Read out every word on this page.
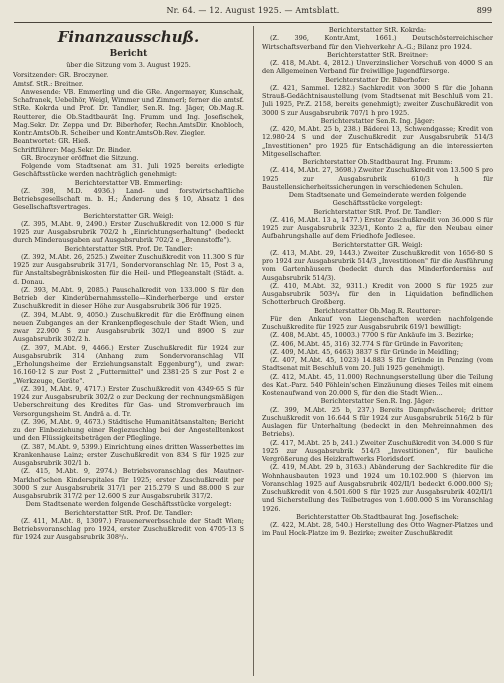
Nr. 64. — 12. August 1925. — Amtsblatt.	899
Finanzausschuß.
Bericht

über die Sitzung vom 3. August 1925.

Vorsitzender: GR. Broczyner.

Amtsf. StR.: Breitner.

Anwesende: VB. Emmerling und die GRe. Angermayer, Kunschak, Schafranek, Uebelhör, Weigl, Wimmer und Zimmerl; ferner die amtsf. StRe. Kokrda und Prof. Dr. Tandler, Sen.R. Ing. Jäger, Ob.Mag.R. Reutterer, die Ob.Stadtbaurät Ing. Frumm und Ing. Josefischek, Mag.Sekr. Dr. Zeppa und Dr. Biberhofer, Rechn.AmtsDir. Knobloch, Kontr.AmtsOb.R. Scheiber und Kontr.AmtsOb.Rev. Ziegler.

Beantwortet: GR. Hieß.

Schriftführer: Mag.Sekr. Dr. Binder.

GR. Broczyner eröffnet die Sitzung.

Folgende vom Stadtsenat am 31. Juli 1925 bereits erledigte Geschäftsstücke werden nachträglich genehmigt:

Berichterstatter VB. Emmerling:

(Z. 398, M.D. 4936.) Land- und forstwirtschaftliche Betriebsgesellschaft m. b. H.; Änderung des § 10, Absatz 1 des Gesellschaftsvertrages.

Berichterstatter GR. Weigl:

(Z. 395, M.Abt. 9, 2490.) Erster Zuschußkredit von 12.000 S für 1925 zur Ausgabsrubrik 702/2 h „Einrichtungserhaltung" (bedeckt durch Minderausgaben auf Ausgabsrubrik 702/2 e „Brennstoffe").

Berichterstatter StR. Prof. Dr. Tandler:

(Z. 392, M.Abt. 26, 2525.) Zweiter Zuschußkredit von 11.300 S für 1925 zur Ausgabsrubrik 317/1, Sondervoranschlag Nr. 15, Post 3 a, für Anstaltsbegräbniskosten für die Heil- und Pflegeanstalt (Städt. a. d. Donau.

(Z. 393, M.Abt. 9, 2085.) Pauschalkredit von 133.000 S für den Betrieb der Kinderübernahmsstelle—Kinderherberge und erster Zuschußkredit in dieser Höhe zur Ausgabsrubrik 306 für 1925.

(Z. 394, M.Abt. 9, 4050.) Zuschußkredit für die Eröffnung einen neuen Zubganges an der Krankenpflegeschule der Stadt Wien, und zwar 22.900 S zur Ausgabsrubrik 302/1 und 8900 S zur Ausgabsrubrik 302/2 h.

(Z. 397, M.Abt. 9, 4466.) Erster Zuschußkredit für 1924 zur Ausgabsrubrik 314 (Anhang zum Sondervoranschlag VII „Erholungsheime der Erziehungsanstalt Eggenburg"), und zwar: 16.160·12 S zur Post 2 „Futtermittel" und 2381·25 S zur Post 2 e „Werkzeuge, Geräte".

(Z. 391, M.Abt. 9, 4717.) Erster Zuschußkredit von 4349·65 S für 1924 zur Ausgabsrubrik 302/2 o zur Deckung der rechnungsmäßigen Ueberschreitung des Kredites für Gas- und Stromverbrauch im Versorgungsheim St. Andrä a. d. Tr.

(Z. 396, M.Abt. 9, 4673.) Städtische Humanitätsanstalten; Bericht zu der Einbeziehung einer Regiezuschlag bei der Angestelltenkost und den Flüssigkeitsbeträgen der Pfleglinge.

(Z. 387, M.Abt. 9, 5399.) Einrichtung eines dritten Wasserbettes im Krankenhause Lainz; erster Zuschußkredit von 834 S für 1925 zur Ausgabsrubrik 302/1 b.

(Z. 415, M.Abt. 9, 2974.) Betriebsvoranschlag des Mautner-Markhof'schen Kinderspitales für 1925; erster Zuschußkredit per 3000 S zur Ausgabsrubrik 317/1 per 215.279 S und 88.000 S zur Ausgabsrubrik 317/2 per 12.600 S zur Ausgabsrubrik 317/2.

Dem Stadtsenate werden folgende Geschäftsstücke vorgelegt:

Berichterstatter StR. Prof. Dr. Tandler:

(Z. 411, M.Abt. 8, 13097.) Frauenerwerbsschule der Stadt Wien; Betriebsvoranschlag pro 1924, erster Zuschußkredit von 4705·13 S für 1924 zur Ausgabsrubrik 308⁵/₅.

Berichterstatter StR. Kokrda:

(Z. 396, Kontr.Amt, 1661.) Deutschösterreichischer Wirtschaftsverband für den Viehverkehr A.-G.; Bilanz pro 1924.

Berichterstatter StR. Breitner:

(Z. 418, M.Abt. 4, 2812.) Unverzinslicher Vorschuß von 4000 S an den Allgemeinen Verband für freiwillige Jugendfürsorge.

Berichterstatter Dr. Biberhofer:

(Z. 421, Sammel. 1282.) Sachkredit von 3000 S für die Johann Strauß-Gedächtnisaustellung (vom Stadtsenat mit Beschluß vom 21. Juli 1925, Pr.Z. 2158, bereits genehmigt); zweiter Zuschußkredit von 3000 S zur Ausgabsrubrik 707/1 h pro 1925.

Berichterstatter Sen.R. Ing. Jäger:

(Z. 420, M.Abt. 25 b, 238.) Bäderei 13, Schwendgasse; Kredit von 12.980·24 S und der Zuschußkredit zur Ausgabsrubrik 514/3 „Investitionen" pro 1925 für Entschädigung an die interessierten Mitgesellschafter.

Berichterstatter Ob.Stadtbaurat Ing. Frumm:

(Z. 414, M.Abt. 27, 3698.) Zweiter Zuschußkredit von 13.500 S pro 1925 zur Ausgabsrubrik 610/3 h für Baustellensicherheitssicherungen in verschiedenen Schulen.

Dem Stadtsenate und Gemeinderate werden folgende Geschäftsstücke vorgelegt:

Berichterstatter StR. Prof. Dr. Tandler:

(Z. 416, M.Abt. 13 a, 1477.) Erster Zuschußkredit von 36.000 S für 1925 zur Ausgabsrubrik 323/1, Konto 2 a, für den Neubau einer Aufbahrungshalle auf dem Friedhofe Jedlesee.

Berichterstatter GR. Weigl:

(Z. 413, M.Abt. 29, 1443.) Zweiter Zuschußkredit von 1656·80 S pro 1924 zur Ausgabsrubrik 514/3 „Investitionen" für die Ausführung vom Gartenhäusern (bedeckt durch das Minderforderniss auf Ausgabsrubrik 514/3).

(Z. 410, M.Abt. 32, 9311.) Kredit von 2000 S für 1925 zur Ausgabsrubrik 503⁴/₄ für den in Liquidation befindlichen Schotterbruch Großberg.

Berichterstatter Ob.Mag.R. Reutterer:

Für den Ankauf von Liegenschaften werden nachfolgende Zuschußkredite für 1925 zur Ausgabsrubrik 619/1 bewilligt:

(Z. 408, M.Abt. 45, 10003.) 7700 S für Ankäufe im 3. Bezirke;

(Z. 406, M.Abt. 45, 316) 32.774 S für Gründe in Favoriten;

(Z. 409, M.Abt. 45, 6463) 3837 S für Gründe in Meidling;

(Z. 407, M.Abt. 45, 1023) 14.883 S für Gründe in Penzing (vom Stadtsenat mit Beschluß vom 20. Juli 1925 genehmigt).

(Z. 412, M.Abt. 45, 11.000) Rechnungserstellung über die Teilung des Kat.-Parz. 540 Pöhlein'schen Einzäunung dieses Teiles mit einem Kostenaufwand von 20.000 S, für den die Stadt Wien...

Berichterstatter Sen.R. Ing. Jäger:

(Z. 399, M.Abt. 25 b, 237.) Bereits Dampfwäscherei; dritter Zuschußkredit von 16.644 S für 1924 zur Ausgabsrubrik 516/2 b für Auslagen für Unterhaltung (bedeckt in den Mehreinnahmen des Betriebs).

(Z. 417, M.Abt. 25 b, 241.) Zweiter Zuschußkredit von 34.000 S für 1925 zur Ausgabsrubrik 514/3 „Investitionen", für bauliche Vergrößerung des Heizkraftwerks Floridsdorf.

(Z. 419, M.Abt. 29 b, 3163.) Abänderung der Sachkredite für die Wohnhausbauten 1923 und 1924 um 10.102.900 S (hiervon im Voranschlag 1925 auf Ausgabsrubrik 402/II/1 bedeckt 6.000.000 S); Zuschußkredit von 4.501.600 S für 1925 zur Ausgabsrubrik 402/II/1 und Sicherstellung des Teilbetrages von 1.600.000 S im Voranschlag 1926.

Berichterstatter Ob.Stadtbaurat Ing. Josefischek:

(Z. 422, M.Abt. 28, 540.) Herstellung des Otto Wagner-Platzes und im Paul Hock-Platze im 9. Bezirke; zweiter Zuschußkredit
